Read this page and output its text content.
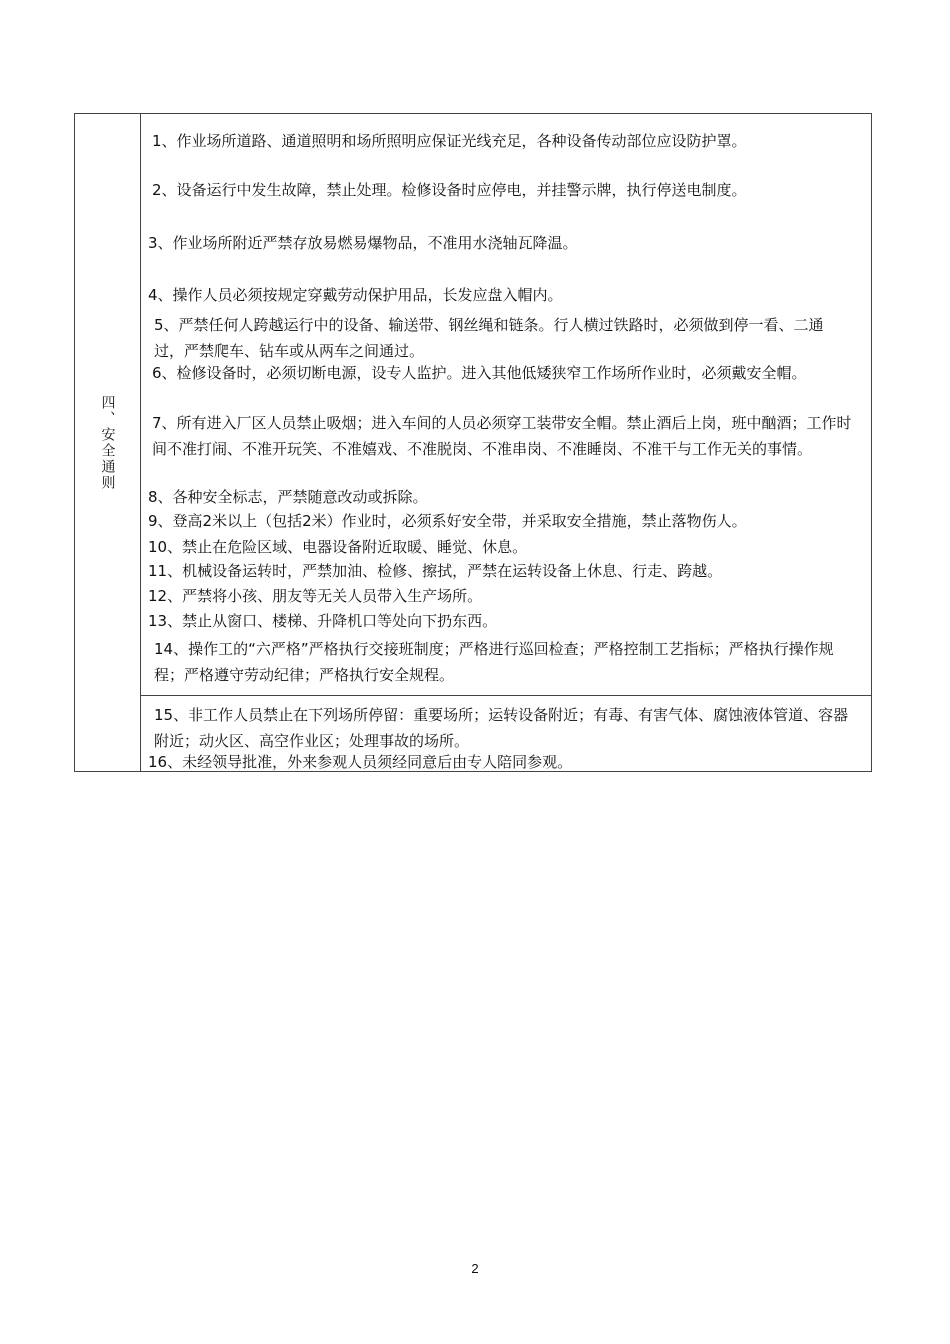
四、安全通则
1、作业场所道路、通道照明和场所照明应保证光线充足，各种设备传动部位应设防护罩。
2、设备运行中发生故障，禁止处理。检修设备时应停电，并挂警示牌，执行停送电制度。
3、作业场所附近严禁存放易燃易爆物品，不准用水浇轴瓦降温。
4、操作人员必须按规定穿戴劳动保护用品，长发应盘入帽内。
5、严禁任何人跨越运行中的设备、输送带、钢丝绳和链条。行人横过铁路时，必须做到停一看、二通过，严禁爬车、钻车或从两车之间通过。
6、检修设备时，必须切断电源，设专人监护。进入其他低矮狭窄工作场所作业时，必须戴安全帽。
7、所有进入厂区人员禁止吸烟；进入车间的人员必须穿工装带安全帽。禁止酒后上岗，班中酗酒；工作时间不准打闹、不准开玩笑、不准嬉戏、不准脱岗、不准串岗、不准睡岗、不准干与工作无关的事情。
8、各种安全标志，严禁随意改动或拆除。
9、登高2米以上（包括2米）作业时，必须系好安全带，并采取安全措施，禁止落物伤人。
10、禁止在危险区域、电器设备附近取暖、睡觉、休息。
11、机械设备运转时，严禁加油、检修、擦拭，严禁在运转设备上休息、行走、跨越。
12、严禁将小孩、朋友等无关人员带入生产场所。
13、禁止从窗口、楼梯、升降机口等处向下扔东西。
14、操作工的“六严格”严格执行交接班制度；严格进行巡回检查；严格控制工艺指标；严格执行操作规程；严格遵守劳动纪律；严格执行安全规程。
15、非工作人员禁止在下列场所停留：重要场所；运转设备附近；有毒、有害气体、腐蚀液体管道、容器附近；动火区、高空作业区；处理事故的场所。
16、未经领导批准，外来参观人员须经同意后由专人陪同参观。
2
